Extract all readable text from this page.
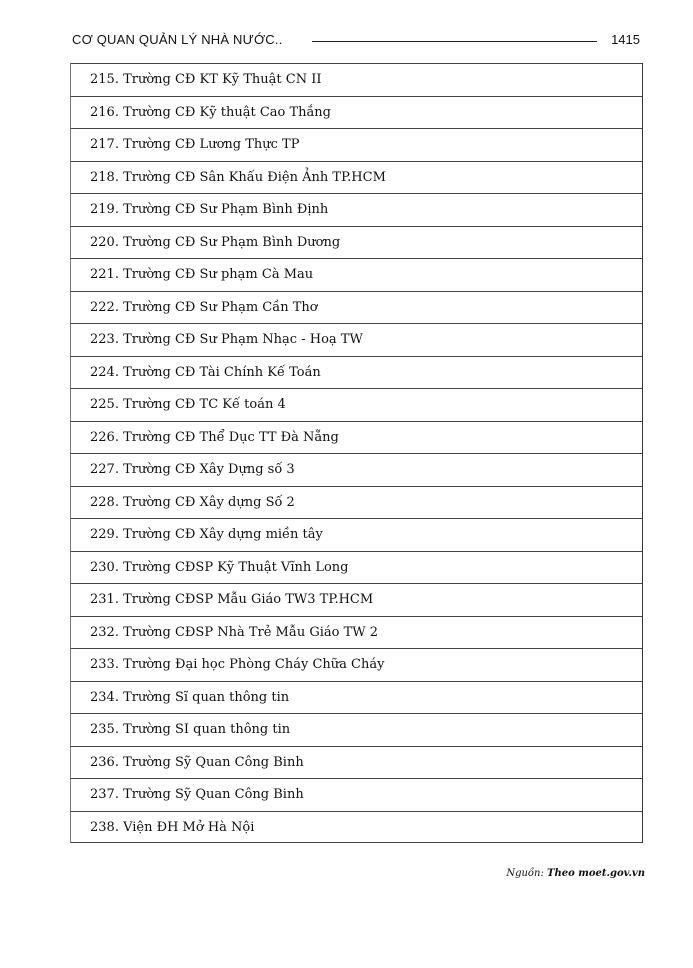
CƠ QUAN QUẢN LÝ NHÀ NƯỚC..	1415
215. Trường CĐ KT Kỹ Thuật CN II
216. Trường CĐ Kỹ thuật Cao Thắng
217. Trường CĐ Lương Thực TP
218. Trường CĐ Sân Khấu Điện Ảnh TP.HCM
219. Trường CĐ Sư Phạm Bình Định
220. Trường CĐ Sư Phạm Bình Dương
221. Trường CĐ Sư phạm Cà Mau
222. Trường CĐ Sư Phạm Cần Thơ
223. Trường CĐ Sư Phạm Nhạc - Hoạ TW
224. Trường CĐ Tài Chính Kế Toán
225. Trường CĐ TC Kế toán 4
226. Trường CĐ Thể Dục TT Đà Nẵng
227. Trường CĐ Xây Dựng số 3
228. Trường CĐ Xây dựng Số 2
229. Trường CĐ Xây dựng miền tây
230. Trường CĐSP Kỹ Thuật Vĩnh Long
231. Trường CĐSP Mẫu Giáo TW3 TP.HCM
232. Trường CĐSP Nhà Trẻ Mẫu Giáo TW 2
233. Trường Đại học Phòng Cháy Chữa Cháy
234. Trường Sĩ quan thông tin
235. Trường SI quan thông tin
236. Trường Sỹ Quan Công Binh
237. Trường Sỹ Quan Công Binh
238. Viện ĐH Mở Hà Nội
Nguồn: Theo moet.gov.vn
